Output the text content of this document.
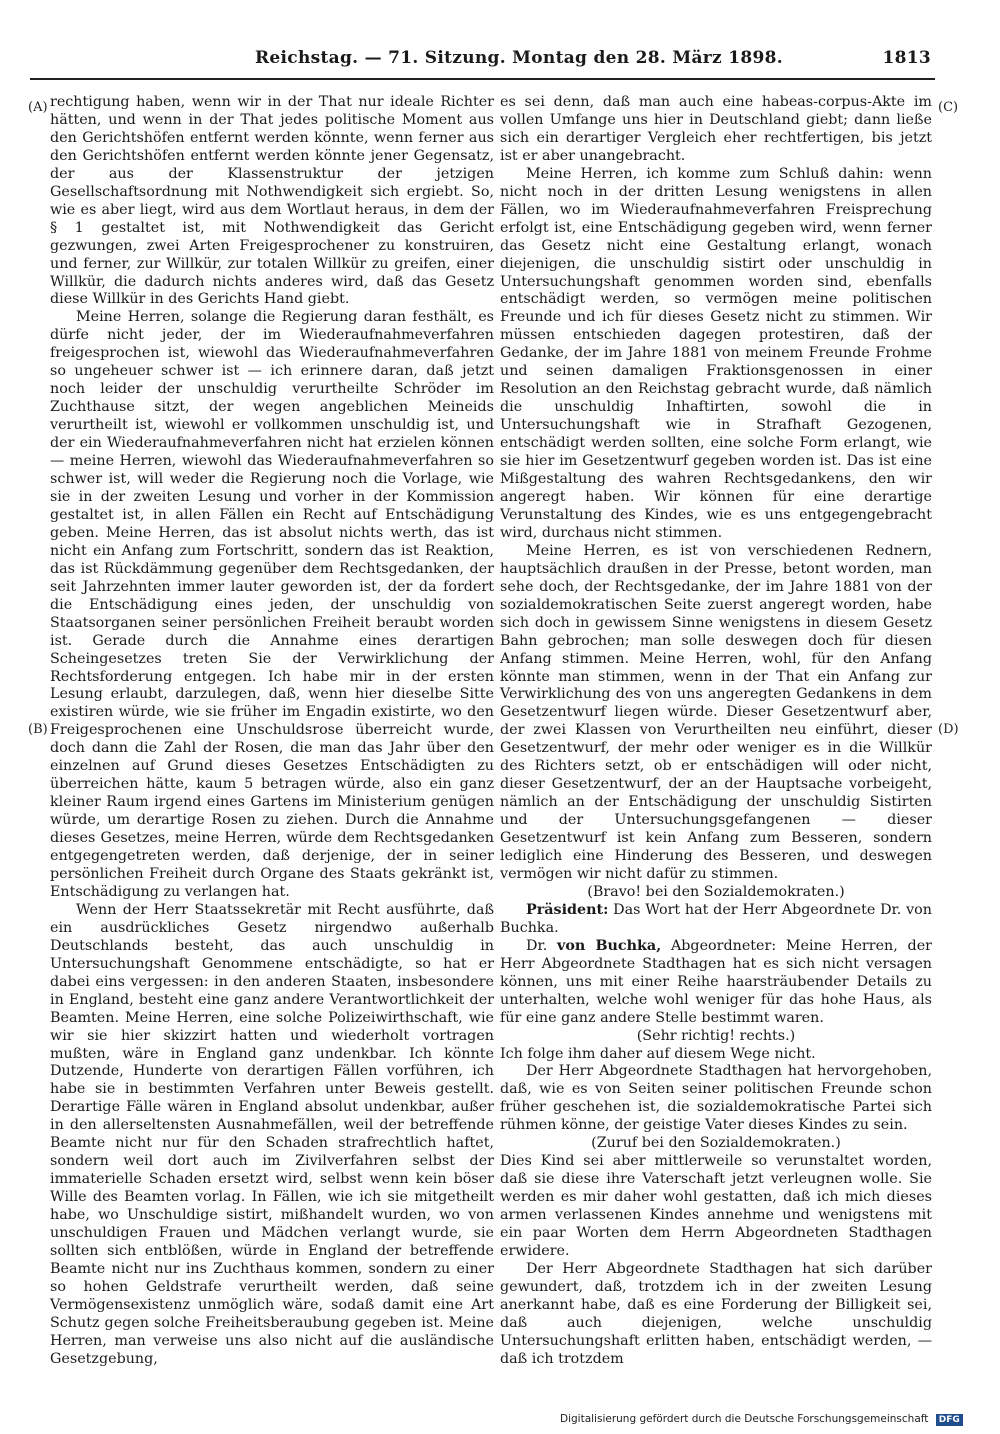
Reichstag. — 71. Sitzung. Montag den 28. März 1898.	1813
(A)
(B)
(C)
(D)

rechtigung haben, wenn wir in der That nur ideale Richter hätten, und wenn in der That jedes politische Moment aus den Gerichtshöfen entfernt werden könnte, wenn ferner aus den Gerichtshöfen entfernt werden könnte jener Gegensatz, der aus der Klassenstruktur der jetzigen Gesellschaftsordnung mit Nothwendigkeit sich ergiebt. So, wie es aber liegt, wird aus dem Wortlaut heraus, in dem der § 1 gestaltet ist, mit Nothwendigkeit das Gericht gezwungen, zwei Arten Freigesprochener zu konstruiren, und ferner, zur Willkür, zur totalen Willkür zu greifen, einer Willkür, die dadurch nichts anderes wird, daß das Gesetz diese Willkür in des Gerichts Hand giebt.

Meine Herren, solange die Regierung daran festhält, es dürfe nicht jeder, der im Wiederaufnahmeverfahren freigesprochen ist, wiewohl das Wiederaufnahmeverfahren so ungeheuer schwer ist — ich erinnere daran, daß jetzt noch leider der unschuldig verurtheilte Schröder im Zuchthause sitzt, der wegen angeblichen Meineids verurtheilt ist, wiewohl er vollkommen unschuldig ist, und der ein Wiederaufnahmeverfahren nicht hat erzielen können — meine Herren, wiewohl das Wiederaufnahmeverfahren so schwer ist, will weder die Regierung noch die Vorlage, wie sie in der zweiten Lesung und vorher in der Kommission gestaltet ist, in allen Fällen ein Recht auf Entschädigung geben. Meine Herren, das ist absolut nichts werth, das ist nicht ein Anfang zum Fortschritt, sondern das ist Reaktion, das ist Rückdämmung gegenüber dem Rechtsgedanken, der seit Jahrzehnten immer lauter geworden ist, der da fordert die Entschädigung eines jeden, der unschuldig von Staatsorganen seiner persönlichen Freiheit beraubt worden ist. Gerade durch die Annahme eines derartigen Scheingesetzes treten Sie der Verwirklichung der Rechtsforderung entgegen. Ich habe mir in der ersten Lesung erlaubt, darzulegen, daß, wenn hier dieselbe Sitte existiren würde, wie sie früher im Engadin existirte, wo den Freigesprochenen eine Unschuldsrose überreicht wurde, doch dann die Zahl der Rosen, die man das Jahr über den einzelnen auf Grund dieses Gesetzes Entschädigten zu überreichen hätte, kaum 5 betragen würde, also ein ganz kleiner Raum irgend eines Gartens im Ministerium genügen würde, um derartige Rosen zu ziehen. Durch die Annahme dieses Gesetzes, meine Herren, würde dem Rechtsgedanken entgegengetreten werden, daß derjenige, der in seiner persönlichen Freiheit durch Organe des Staats gekränkt ist, Entschädigung zu verlangen hat.

Wenn der Herr Staatssekretär mit Recht ausführte, daß ein ausdrückliches Gesetz nirgendwo außerhalb Deutschlands besteht, das auch unschuldig in Untersuchungshaft Genommene entschädigte, so hat er dabei eins vergessen: in den anderen Staaten, insbesondere in England, besteht eine ganz andere Verantwortlichkeit der Beamten. Meine Herren, eine solche Polizeiwirthschaft, wie wir sie hier skizzirt hatten und wiederholt vortragen mußten, wäre in England ganz undenkbar. Ich könnte Dutzende, Hunderte von derartigen Fällen vorführen, ich habe sie in bestimmten Verfahren unter Beweis gestellt. Derartige Fälle wären in England absolut undenkbar, außer in den allerseltensten Ausnahmefällen, weil der betreffende Beamte nicht nur für den Schaden strafrechtlich haftet, sondern weil dort auch im Zivilverfahren selbst der immaterielle Schaden ersetzt wird, selbst wenn kein böser Wille des Beamten vorlag. In Fällen, wie ich sie mitgetheilt habe, wo Unschuldige sistirt, mißhandelt wurden, wo von unschuldigen Frauen und Mädchen verlangt wurde, sie sollten sich entblößen, würde in England der betreffende Beamte nicht nur ins Zuchthaus kommen, sondern zu einer so hohen Geldstrafe verurtheilt werden, daß seine Vermögensexistenz unmöglich wäre, sodaß damit eine Art Schutz gegen solche Freiheitsberaubung gegeben ist. Meine Herren, man verweise uns also nicht auf die ausländische Gesetzgebung,

es sei denn, daß man auch eine habeas-corpus-Akte im vollen Umfange uns hier in Deutschland giebt; dann ließe sich ein derartiger Vergleich eher rechtfertigen, bis jetzt ist er aber unangebracht.

Meine Herren, ich komme zum Schluß dahin: wenn nicht noch in der dritten Lesung wenigstens in allen Fällen, wo im Wiederaufnahmeverfahren Freisprechung erfolgt ist, eine Entschädigung gegeben wird, wenn ferner das Gesetz nicht eine Gestaltung erlangt, wonach diejenigen, die unschuldig sistirt oder unschuldig in Untersuchungshaft genommen worden sind, ebenfalls entschädigt werden, so vermögen meine politischen Freunde und ich für dieses Gesetz nicht zu stimmen. Wir müssen entschieden dagegen protestiren, daß der Gedanke, der im Jahre 1881 von meinem Freunde Frohme und seinen damaligen Fraktionsgenossen in einer Resolution an den Reichstag gebracht wurde, daß nämlich die unschuldig Inhaftirten, sowohl die in Untersuchungshaft wie in Strafhaft Gezogenen, entschädigt werden sollten, eine solche Form erlangt, wie sie hier im Gesetzentwurf gegeben worden ist. Das ist eine Mißgestaltung des wahren Rechtsgedankens, den wir angeregt haben. Wir können für eine derartige Verunstaltung des Kindes, wie es uns entgegengebracht wird, durchaus nicht stimmen.

Meine Herren, es ist von verschiedenen Rednern, hauptsächlich draußen in der Presse, betont worden, man sehe doch, der Rechtsgedanke, der im Jahre 1881 von der sozialdemokratischen Seite zuerst angeregt worden, habe sich doch in gewissem Sinne wenigstens in diesem Gesetz Bahn gebrochen; man solle deswegen doch für diesen Anfang stimmen. Meine Herren, wohl, für den Anfang könnte man stimmen, wenn in der That ein Anfang zur Verwirklichung des von uns angeregten Gedankens in dem Gesetzentwurf liegen würde. Dieser Gesetzentwurf aber, der zwei Klassen von Verurtheilten neu einführt, dieser Gesetzentwurf, der mehr oder weniger es in die Willkür des Richters setzt, ob er entschädigen will oder nicht, dieser Gesetzentwurf, der an der Hauptsache vorbeigeht, nämlich an der Entschädigung der unschuldig Sistirten und der Untersuchungsgefangenen — dieser Gesetzentwurf ist kein Anfang zum Besseren, sondern lediglich eine Hinderung des Besseren, und deswegen vermögen wir nicht dafür zu stimmen.

(Bravo! bei den Sozialdemokraten.)

Präsident: Das Wort hat der Herr Abgeordnete Dr. von Buchka.

Dr. von Buchka, Abgeordneter: Meine Herren, der Herr Abgeordnete Stadthagen hat es sich nicht versagen können, uns mit einer Reihe haarsträubender Details zu unterhalten, welche wohl weniger für das hohe Haus, als für eine ganz andere Stelle bestimmt waren.

(Sehr richtig! rechts.)

Ich folge ihm daher auf diesem Wege nicht.

Der Herr Abgeordnete Stadthagen hat hervorgehoben, daß, wie es von Seiten seiner politischen Freunde schon früher geschehen ist, die sozialdemokratische Partei sich rühmen könne, der geistige Vater dieses Kindes zu sein.

(Zuruf bei den Sozialdemokraten.)

Dies Kind sei aber mittlerweile so verunstaltet worden, daß sie diese ihre Vaterschaft jetzt verleugnen wolle. Sie werden es mir daher wohl gestatten, daß ich mich dieses armen verlassenen Kindes annehme und wenigstens mit ein paar Worten dem Herrn Abgeordneten Stadthagen erwidere.

Der Herr Abgeordnete Stadthagen hat sich darüber gewundert, daß, trotzdem ich in der zweiten Lesung anerkannt habe, daß es eine Forderung der Billigkeit sei, daß auch diejenigen, welche unschuldig Untersuchungshaft erlitten haben, entschädigt werden, — daß ich trotzdem

Digitalisierung gefördert durch die Deutsche Forschungsgemeinschaft DFG
